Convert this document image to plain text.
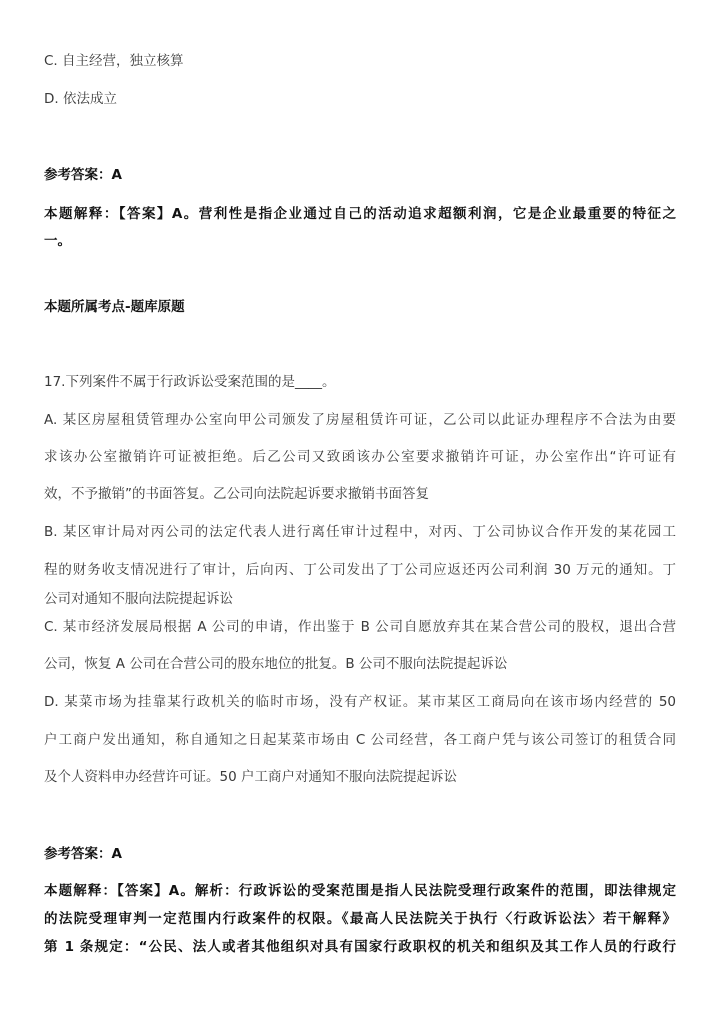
C. 自主经营，独立核算
D. 依法成立
参考答案：A
本题解释：【答案】A。营利性是指企业通过自己的活动追求超额利润，它是企业最重要的特征之
一。
本题所属考点-题库原题
17.下列案件不属于行政诉讼受案范围的是____。
A. 某区房屋租赁管理办公室向甲公司颁发了房屋租赁许可证，乙公司以此证办理程序不合法为由要
求该办公室撤销许可证被拒绝。后乙公司又致函该办公室要求撤销许可证，办公室作出“许可证有
效，不予撤销”的书面答复。乙公司向法院起诉要求撤销书面答复
B. 某区审计局对丙公司的法定代表人进行离任审计过程中，对丙、丁公司协议合作开发的某花园工
程的财务收支情况进行了审计，后向丙、丁公司发出了丁公司应返还丙公司利润 30 万元的通知。丁
公司对通知不服向法院提起诉讼
C. 某市经济发展局根据 A 公司的申请，作出鉴于 B 公司自愿放弃其在某合营公司的股权，退出合营
公司，恢复 A 公司在合营公司的股东地位的批复。B 公司不服向法院提起诉讼
D. 某菜市场为挂靠某行政机关的临时市场，没有产权证。某市某区工商局向在该市场内经营的 50
户工商户发出通知，称自通知之日起某菜市场由 C 公司经营，各工商户凭与该公司签订的租赁合同
及个人资料申办经营许可证。50 户工商户对通知不服向法院提起诉讼
参考答案：A
本题解释：【答案】A。解析：行政诉讼的受案范围是指人民法院受理行政案件的范围，即法律规定
的法院受理审判一定范围内行政案件的权限。《最高人民法院关于执行〈行政诉讼法〉若干解释》
第 1 条规定：“公民、法人或者其他组织对具有国家行政职权的机关和组织及其工作人员的行政行
